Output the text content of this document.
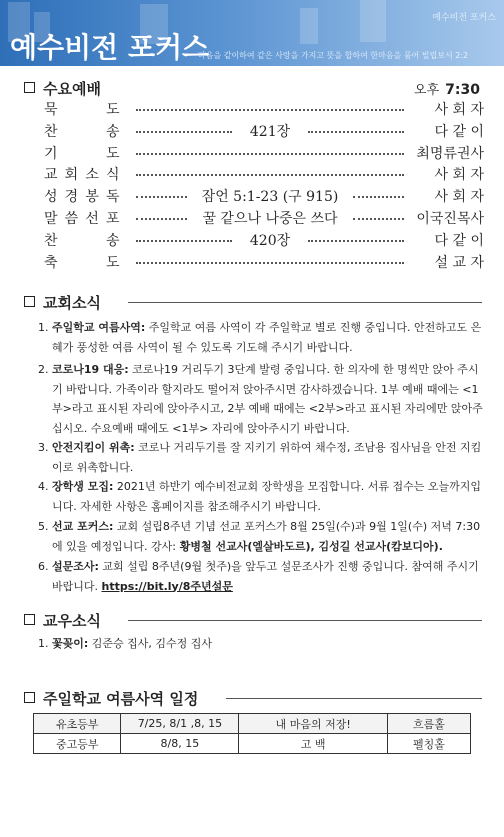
예수비전 포커스
마음을 같이하여 같은 사랑을 가지고 뜻을 합하여 한마음을 품어 빌립보서 2:2
예수비전 포커스
수요예배	오후 7:30
묵	도	사 회 자
찬	송	421장	다 같 이
기	도	최명류권사
교 회 소 식	사 회 자
성 경 봉 독	잠언 5:1-23 (구 915)	사 회 자
말 씀 선 포	꿀 같으나 나중은 쓰다	이국진목사
찬	송	420장	다 같 이
축	도	설 교 자
교회소식
1. 주일학교 여름사역: 주일학교 여름 사역이 각 주일학교 별로 진행 중입니다. 안전하고도 은혜가 풍성한 여름 사역이 될 수 있도록 기도해 주시기 바랍니다.
2. 코로나19 대응: 코로나19 거리두기 3단계 발령 중입니다. 한 의자에 한 명씩만 앉아 주시기 바랍니다. 가족이라 할지라도 떨어져 앉아주시면 감사하겠습니다. 1부 예배 때에는 <1부>라고 표시된 자리에 앉아주시고, 2부 예배 때에는 <2부>라고 표시된 자리에만 앉아주십시오. 수요예배 때에도 <1부> 자리에 앉아주시기 바랍니다.
3. 안전지킴이 위촉: 코로나 거리두기를 잘 지키기 위하여 채수정, 조남용 집사님을 안전 지킴이로 위촉합니다.
4. 장학생 모집: 2021년 하반기 예수비전교회 장학생을 모집합니다. 서류 접수는 오늘까지입니다. 자세한 사항은 홈페이지를 참조해주시기 바랍니다.
5. 선교 포커스: 교회 설립8주년 기념 선교 포커스가 8월 25일(수)과 9월 1일(수) 저녁 7:30에 있을 예정입니다. 강사: 황병철 선교사(엘살바도르), 김성길 선교사(캄보디아).
6. 설문조사: 교회 설립 8주년(9월 첫주)을 앞두고 설문조사가 진행 중입니다. 참여해 주시기 바랍니다. https://bit.ly/8주년설문
교우소식
1. 꽃꽂이: 김준승 집사, 김수정 집사
주일학교 여름사역 일정
유초등부	7/25, 8/1 ,8, 15	내 마음의 저장!	흐름홀
중고등부	8/8, 15	고 백	펠칭홀
